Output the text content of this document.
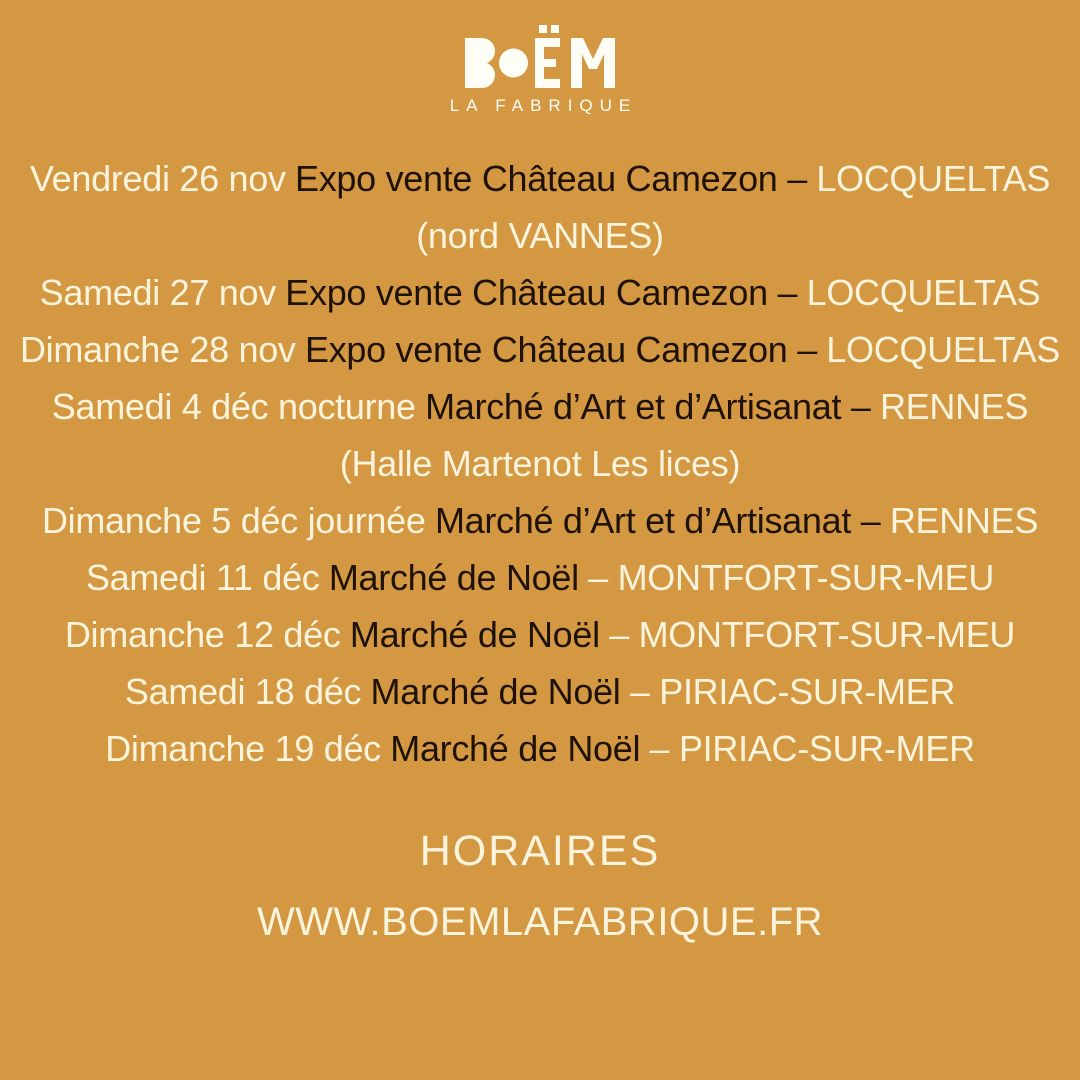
LA FABRIQUE
Vendredi 26 nov Expo vente Château Camezon – LOCQUELTAS
(nord VANNES)
Samedi 27 nov Expo vente Château Camezon – LOCQUELTAS
Dimanche 28 nov Expo vente Château Camezon – LOCQUELTAS
Samedi 4 déc nocturne Marché d’Art et d’Artisanat – RENNES
(Halle Martenot Les lices)
Dimanche 5 déc journée Marché d’Art et d’Artisanat – RENNES
Samedi 11 déc Marché de Noël – MONTFORT-SUR-MEU
Dimanche 12 déc Marché de Noël – MONTFORT-SUR-MEU
Samedi 18 déc Marché de Noël – PIRIAC-SUR-MER
Dimanche 19 déc Marché de Noël – PIRIAC-SUR-MER
HORAIRES
WWW.BOEMLAFABRIQUE.FR
